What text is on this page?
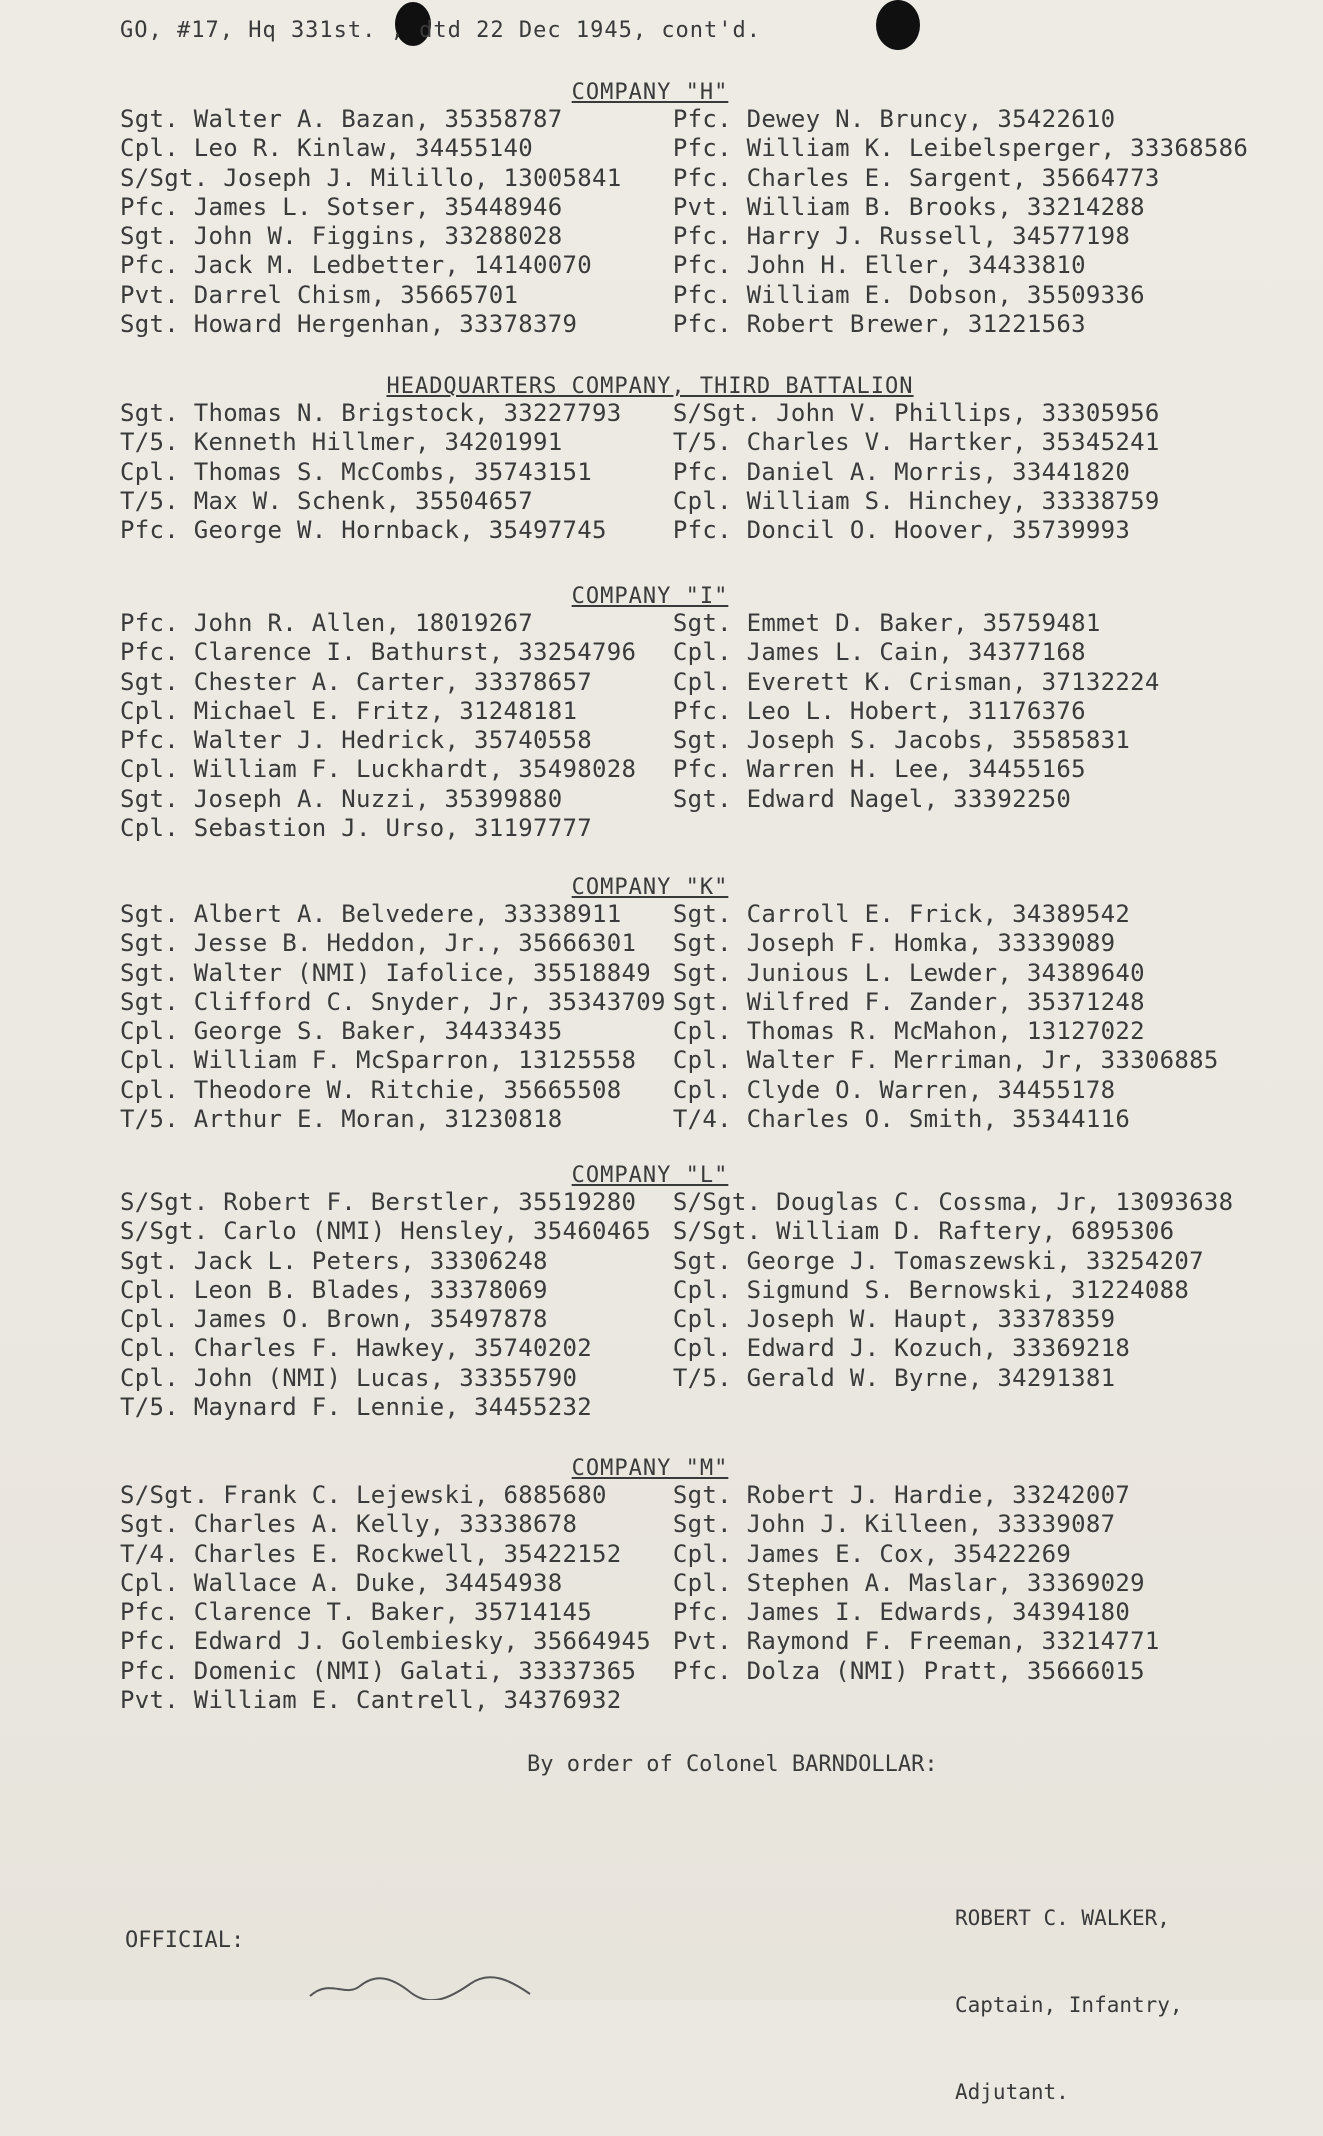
GO, #17, Hq 331st. , dtd 22 Dec 1945, cont'd.
COMPANY "H"
Sgt. Walter A. Bazan, 35358787
Cpl. Leo R. Kinlaw, 34455140
S/Sgt. Joseph J. Milillo, 13005841
Pfc. James L. Sotser, 35448946
Sgt. John W. Figgins, 33288028
Pfc. Jack M. Ledbetter, 14140070
Pvt. Darrel Chism, 35665701
Sgt. Howard Hergenhan, 33378379
Pfc. Dewey N. Bruncy, 35422610
Pfc. William K. Leibelsperger, 33368586
Pfc. Charles E. Sargent, 35664773
Pvt. William B. Brooks, 33214288
Pfc. Harry J. Russell, 34577198
Pfc. John H. Eller, 34433810
Pfc. William E. Dobson, 35509336
Pfc. Robert Brewer, 31221563
HEADQUARTERS COMPANY, THIRD BATTALION
Sgt. Thomas N. Brigstock, 33227793
T/5. Kenneth Hillmer, 34201991
Cpl. Thomas S. McCombs, 35743151
T/5. Max W. Schenk, 35504657
Pfc. George W. Hornback, 35497745
S/Sgt. John V. Phillips, 33305956
T/5. Charles V. Hartker, 35345241
Pfc. Daniel A. Morris, 33441820
Cpl. William S. Hinchey, 33338759
Pfc. Doncil O. Hoover, 35739993
COMPANY "I"
Pfc. John R. Allen, 18019267
Pfc. Clarence I. Bathurst, 33254796
Sgt. Chester A. Carter, 33378657
Cpl. Michael E. Fritz, 31248181
Pfc. Walter J. Hedrick, 35740558
Cpl. William F. Luckhardt, 35498028
Sgt. Joseph A. Nuzzi, 35399880
Cpl. Sebastion J. Urso, 31197777
Sgt. Emmet D. Baker, 35759481
Cpl. James L. Cain, 34377168
Cpl. Everett K. Crisman, 37132224
Pfc. Leo L. Hobert, 31176376
Sgt. Joseph S. Jacobs, 35585831
Pfc. Warren H. Lee, 34455165
Sgt. Edward Nagel, 33392250
COMPANY "K"
Sgt. Albert A. Belvedere, 33338911
Sgt. Jesse B. Heddon, Jr., 35666301
Sgt. Walter (NMI) Iafolice, 35518849
Sgt. Clifford C. Snyder, Jr, 35343709
Cpl. George S. Baker, 34433435
Cpl. William F. McSparron, 13125558
Cpl. Theodore W. Ritchie, 35665508
T/5. Arthur E. Moran, 31230818
Sgt. Carroll E. Frick, 34389542
Sgt. Joseph F. Homka, 33339089
Sgt. Junious L. Lewder, 34389640
Sgt. Wilfred F. Zander, 35371248
Cpl. Thomas R. McMahon, 13127022
Cpl. Walter F. Merriman, Jr, 33306885
Cpl. Clyde O. Warren, 34455178
T/4. Charles O. Smith, 35344116
COMPANY "L"
S/Sgt. Robert F. Berstler, 35519280
S/Sgt. Carlo (NMI) Hensley, 35460465
Sgt. Jack L. Peters, 33306248
Cpl. Leon B. Blades, 33378069
Cpl. James O. Brown, 35497878
Cpl. Charles F. Hawkey, 35740202
Cpl. John (NMI) Lucas, 33355790
T/5. Maynard F. Lennie, 34455232
S/Sgt. Douglas C. Cossma, Jr, 13093638
S/Sgt. William D. Raftery, 6895306
Sgt. George J. Tomaszewski, 33254207
Cpl. Sigmund S. Bernowski, 31224088
Cpl. Joseph W. Haupt, 33378359
Cpl. Edward J. Kozuch, 33369218
T/5. Gerald W. Byrne, 34291381
COMPANY "M"
S/Sgt. Frank C. Lejewski, 6885680
Sgt. Charles A. Kelly, 33338678
T/4. Charles E. Rockwell, 35422152
Cpl. Wallace A. Duke, 34454938
Pfc. Clarence T. Baker, 35714145
Pfc. Edward J. Golembiesky, 35664945
Pfc. Domenic (NMI) Galati, 33337365
Pvt. William E. Cantrell, 34376932
Sgt. Robert J. Hardie, 33242007
Sgt. John J. Killeen, 33339087
Cpl. James E. Cox, 35422269
Cpl. Stephen A. Maslar, 33369029
Pfc. James I. Edwards, 34394180
Pvt. Raymond F. Freeman, 33214771
Pfc. Dolza (NMI) Pratt, 35666015
By order of Colonel BARNDOLLAR:

ROBERT C. WALKER,

Captain, Infantry,

Adjutant.

OFFICIAL:
